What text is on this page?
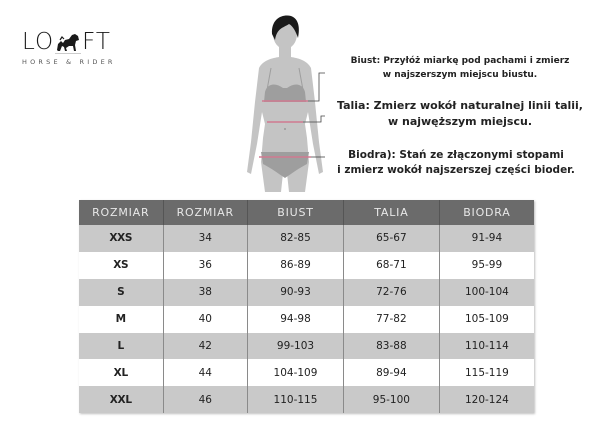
LO FT
HORSE & RIDER	Biust: Przyłóż miarkę pod pachami i zmierz
w najszerszym miejscu biustu.
Talia: Zmierz wokół naturalnej linii talii,
w najwęższym miejscu.
Biodra): Stań ze złączonymi stopami
i zmierz wokół najszerszej części bioder.
ROZMIAR	ROZMIAR	BIUST	TALIA	BIODRA
XXS	34	82-85	65-67	91-94
XS	36	86-89	68-71	95-99
S	38	90-93	72-76	100-104
M	40	94-98	77-82	105-109
L	42	99-103	83-88	110-114
XL	44	104-109	89-94	115-119
XXL	46	110-115	95-100	120-124
